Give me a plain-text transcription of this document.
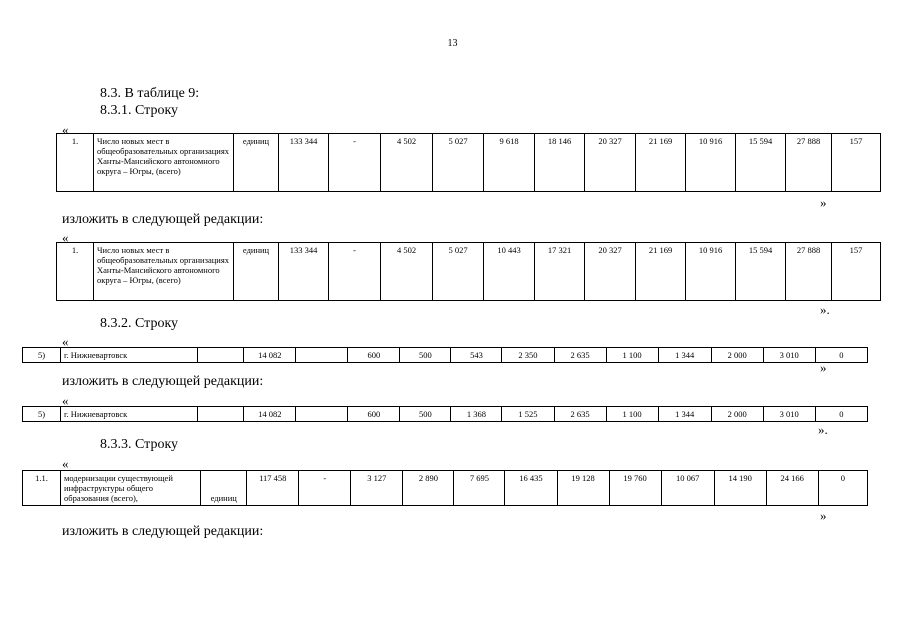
13
8.3. В таблице 9:
8.3.1. Строку
«
1.	Число новых мест в общеобразовательных организациях Ханты-Мансийского автономного округа – Югры, (всего)	единиц	133 344	-	4 502	5 027	9 618	18 146	20 327	21 169	10 916	15 594	27 888	157
»
изложить в следующей редакции:
«
1.	Число новых мест в общеобразовательных организациях Ханты-Мансийского автономного округа – Югры, (всего)	единиц	133 344	-	4 502	5 027	10 443	17 321	20 327	21 169	10 916	15 594	27 888	157
».
8.3.2. Строку
«
5)	г. Нижневартовск		14 082		600	500	543	2 350	2 635	1 100	1 344	2 000	3 010	0
»
изложить в следующей редакции:
«
5)	г. Нижневартовск		14 082		600	500	1 368	1 525	2 635	1 100	1 344	2 000	3 010	0
».
8.3.3. Строку
«
1.1.	модернизации существующей инфраструктуры общего образования (всего),	единиц	117 458	-	3 127	2 890	7 695	16 435	19 128	19 760	10 067	14 190	24 166	0
»
изложить в следующей редакции:
